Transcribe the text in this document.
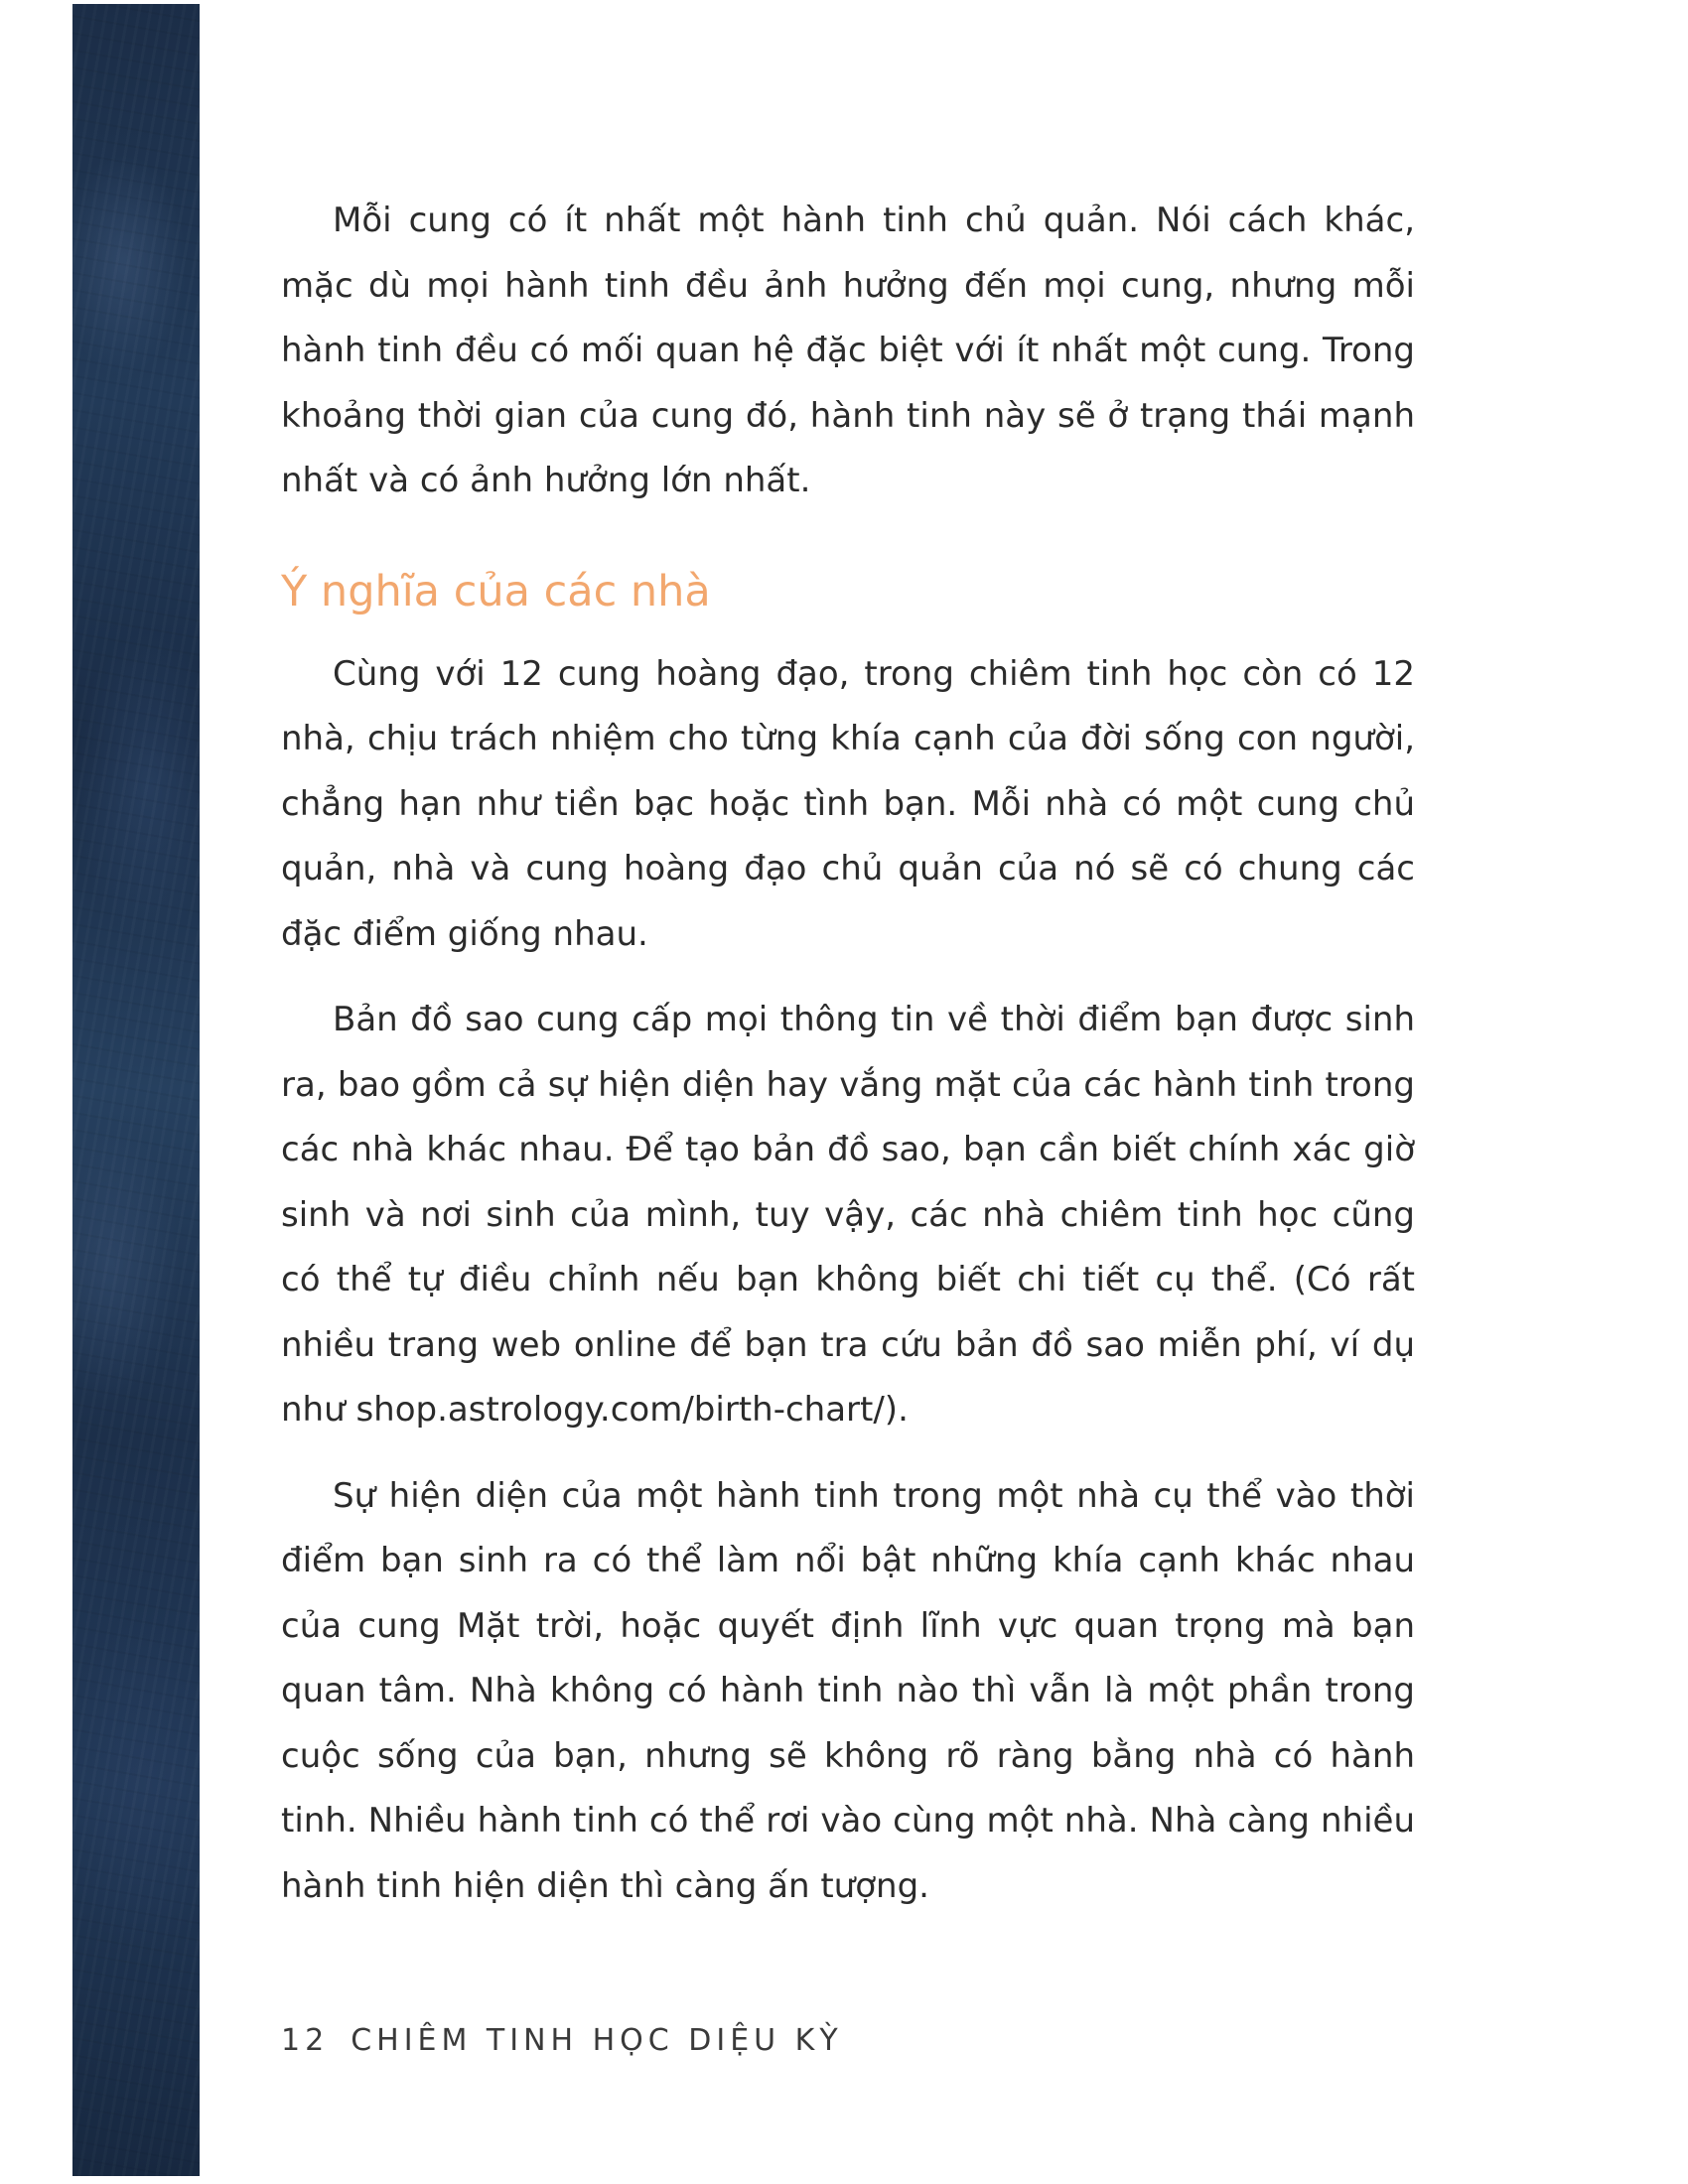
Mỗi cung có ít nhất một hành tinh chủ quản. Nói cách khác, mặc dù mọi hành tinh đều ảnh hưởng đến mọi cung, nhưng mỗi hành tinh đều có mối quan hệ đặc biệt với ít nhất một cung. Trong khoảng thời gian của cung đó, hành tinh này sẽ ở trạng thái mạnh nhất và có ảnh hưởng lớn nhất.

Ý nghĩa của các nhà

Cùng với 12 cung hoàng đạo, trong chiêm tinh học còn có 12 nhà, chịu trách nhiệm cho từng khía cạnh của đời sống con người, chẳng hạn như tiền bạc hoặc tình bạn. Mỗi nhà có một cung chủ quản, nhà và cung hoàng đạo chủ quản của nó sẽ có chung các đặc điểm giống nhau.

Bản đồ sao cung cấp mọi thông tin về thời điểm bạn được sinh ra, bao gồm cả sự hiện diện hay vắng mặt của các hành tinh trong các nhà khác nhau. Để tạo bản đồ sao, bạn cần biết chính xác giờ sinh và nơi sinh của mình, tuy vậy, các nhà chiêm tinh học cũng có thể tự điều chỉnh nếu bạn không biết chi tiết cụ thể. (Có rất nhiều trang web online để bạn tra cứu bản đồ sao miễn phí, ví dụ như shop.astrology.com/birth-chart/).

Sự hiện diện của một hành tinh trong một nhà cụ thể vào thời điểm bạn sinh ra có thể làm nổi bật những khía cạnh khác nhau của cung Mặt trời, hoặc quyết định lĩnh vực quan trọng mà bạn quan tâm. Nhà không có hành tinh nào thì vẫn là một phần trong cuộc sống của bạn, nhưng sẽ không rõ ràng bằng nhà có hành tinh. Nhiều hành tinh có thể rơi vào cùng một nhà. Nhà càng nhiều hành tinh hiện diện thì càng ấn tượng.

12 CHIÊM TINH HỌC DIỆU KỲ
